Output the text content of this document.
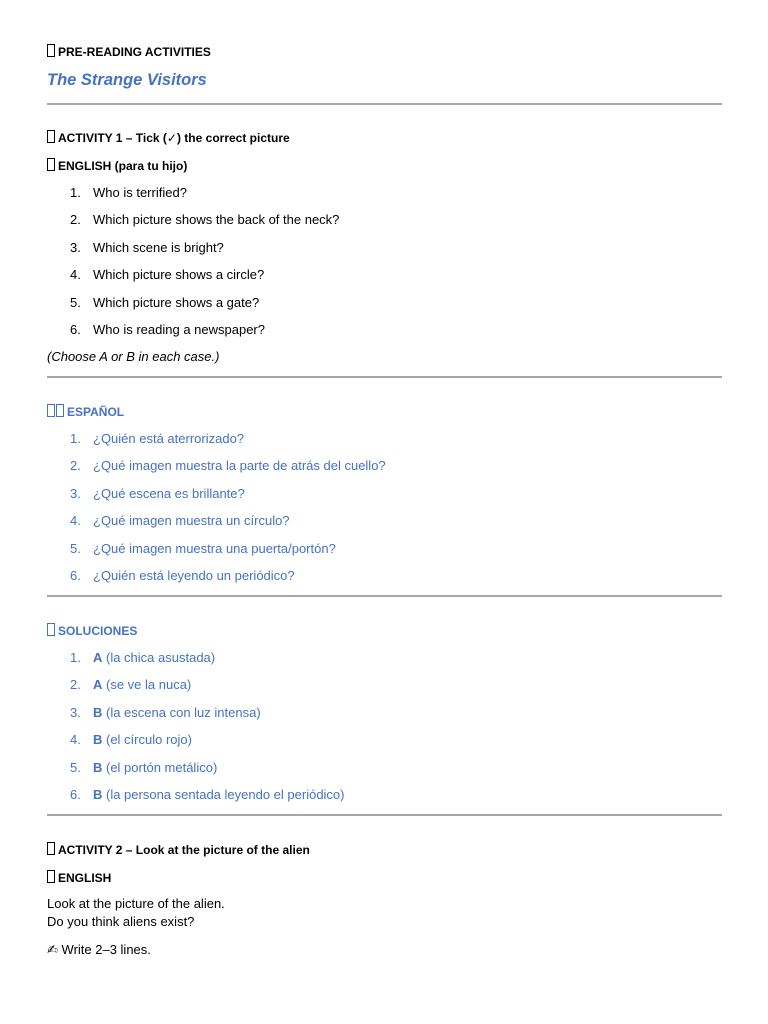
PRE-READING ACTIVITIES
The Strange Visitors
ACTIVITY 1 – Tick (✓) the correct picture
ENGLISH (para tu hijo)
1. Who is terrified?
2. Which picture shows the back of the neck?
3. Which scene is bright?
4. Which picture shows a circle?
5. Which picture shows a gate?
6. Who is reading a newspaper?
(Choose A or B in each case.)
ESPAÑOL
1. ¿Quién está aterrorizado?
2. ¿Qué imagen muestra la parte de atrás del cuello?
3. ¿Qué escena es brillante?
4. ¿Qué imagen muestra un círculo?
5. ¿Qué imagen muestra una puerta/portón?
6. ¿Quién está leyendo un periódico?
SOLUCIONES
1. A (la chica asustada)
2. A (se ve la nuca)
3. B (la escena con luz intensa)
4. B (el círculo rojo)
5. B (el portón metálico)
6. B (la persona sentada leyendo el periódico)
ACTIVITY 2 – Look at the picture of the alien
ENGLISH
Look at the picture of the alien.
Do you think aliens exist?
✍ Write 2–3 lines.
